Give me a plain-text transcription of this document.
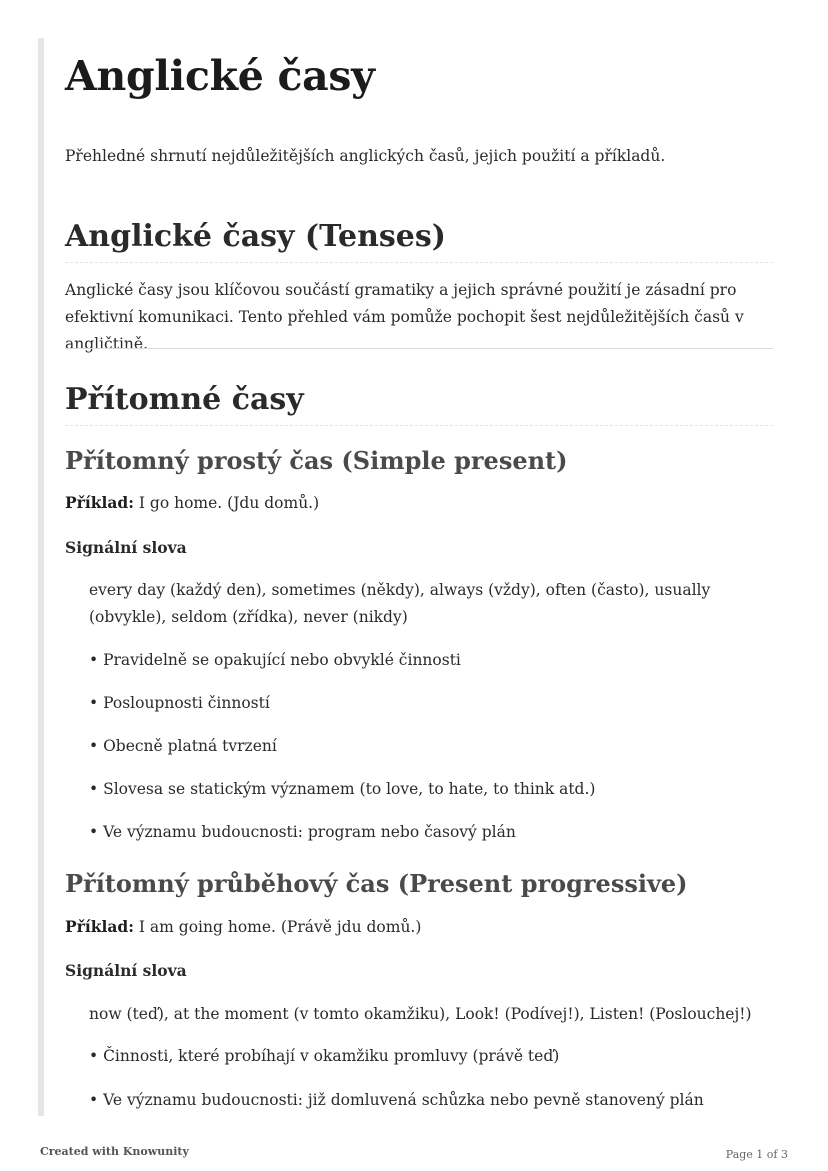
Anglické časy

Přehledné shrnutí nejdůležitějších anglických časů, jejich použití a příkladů.

Anglické časy (Tenses)

Anglické časy jsou klíčovou součástí gramatiky a jejich správné použití je zásadní pro efektivní komunikaci. Tento přehled vám pomůže pochopit šest nejdůležitějších časů v angličtině.

Přítomné časy
Přítomný prostý čas (Simple present)

Příklad: I go home. (Jdu domů.)

Signální slova

every day (každý den), sometimes (někdy), always (vždy), often (často), usually (obvykle), seldom (zřídka), never (nikdy)

• Pravidelně se opakující nebo obvyklé činnosti

• Posloupnosti činností

• Obecně platná tvrzení

• Slovesa se statickým významem (to love, to hate, to think atd.)

• Ve významu budoucnosti: program nebo časový plán

Přítomný průběhový čas (Present progressive)

Příklad: I am going home. (Právě jdu domů.)

Signální slova

now (teď), at the moment (v tomto okamžiku), Look! (Podívej!), Listen! (Poslouchej!)

• Činnosti, které probíhají v okamžiku promluvy (právě teď)

• Ve významu budoucnosti: již domluvená schůzka nebo pevně stanovený plán

Created with Knowunity	Page 1 of 3
